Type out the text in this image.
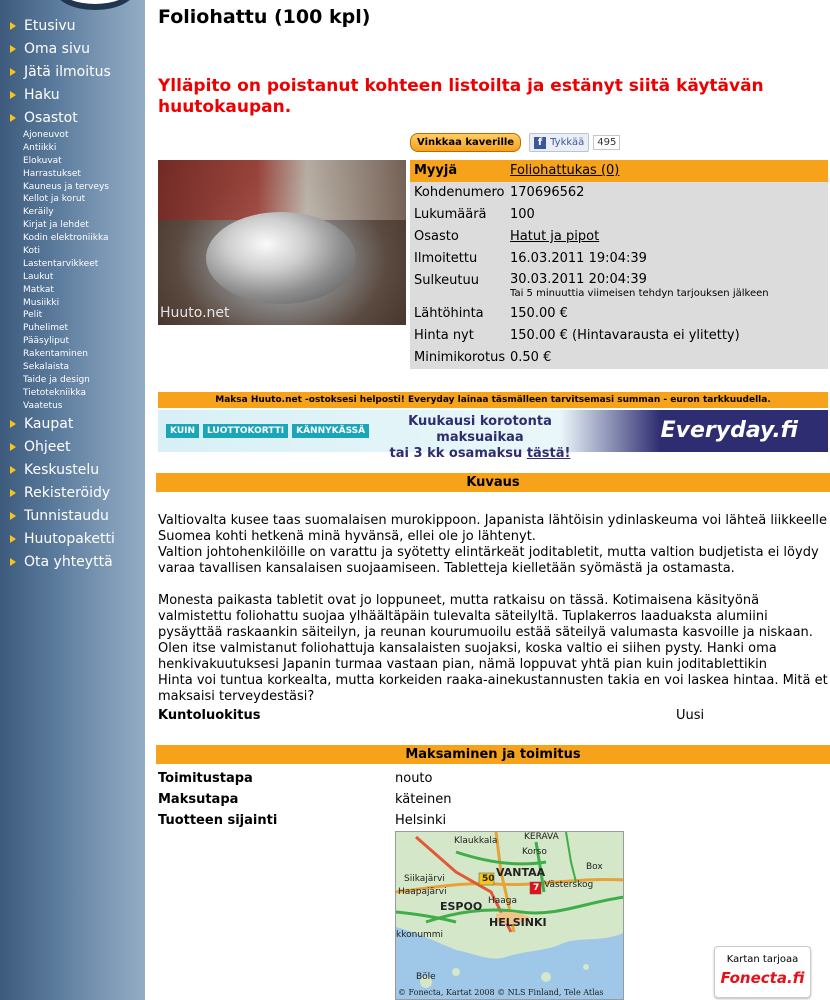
Etusivu
Oma sivu
Jätä ilmoitus
Haku
Osastot
Ajoneuvot
Antiikki
Elokuvat
Harrastukset
Kauneus ja terveys
Kellot ja korut
Keräily
Kirjat ja lehdet
Kodin elektroniikka
Koti
Lastentarvikkeet
Laukut
Matkat
Musiikki
Pelit
Puhelimet
Pääsyliput
Rakentaminen
Sekalaista
Taide ja design
Tietotekniikka
Vaatetus
Kaupat
Ohjeet
Keskustelu
Rekisteröidy
Tunnistaudu
Huutopaketti
Ota yhteyttä
Foliohattu (100 kpl)
Ylläpito on poistanut kohteen listoilta ja estänyt siitä käytävän huutokaupan.
Vinkkaa kaverille	f Tykkää	495
Huuto.net
Myyjä	Foliohattukas (0)
Kohdenumero 170696562
Lukumäärä	100
Osasto	Hatut ja pipot
Ilmoitettu	16.03.2011 19:04:39
Sulkeutuu	30.03.2011 20:04:39
Tai 5 minuuttia viimeisen tehdyn tarjouksen jälkeen
Lähtöhinta	150.00 €
Hinta nyt	150.00 € (Hintavarausta ei ylitetty)
Minimikorotus 0.50 €
Maksa Huuto.net -ostoksesi helposti! Everyday lainaa täsmälleen tarvitsemasi summan - euron tarkkuudella.
KUIN	LUOTTOKORTTI	KÄNNYKÄSSÄ
Kuukausi korotonta maksuaikaa
tai 3 kk osamaksu tästä!
Everyday.fi
Kuvaus

Valtiovalta kusee taas suomalaisen murokippoon. Japanista lähtöisin ydinlaskeuma voi lähteä liikkeelle Suomea kohti hetkenä minä hyvänsä, ellei ole jo lähtenyt.
Valtion johtohenkilöille on varattu ja syötetty elintärkeät joditabletit, mutta valtion budjetista ei löydy varaa tavallisen kansalaisen suojaamiseen. Tabletteja kielletään syömästä ja ostamasta.

Monesta paikasta tabletit ovat jo loppuneet, mutta ratkaisu on tässä. Kotimaisena käsityönä valmistettu foliohattu suojaa ylhäältäpäin tulevalta säteilyltä. Tuplakerros laaduaksta alumiini pysäyttää raskaankin säiteilyn, ja reunan kourumuoilu estää säteilyä valumasta kasvoille ja niskaan.
Olen itse valmistanut foliohattuja kansalaisten suojaksi, koska valtio ei siihen pysty. Hanki oma henkivakuutuksesi Japanin turmaa vastaan pian, nämä loppuvat yhtä pian kuin joditablettikin
Hinta voi tuntua korkealta, mutta korkeiden raaka-ainekustannusten takia en voi laskea hintaa. Mitä et maksaisi terveydestäsi?

Kuntoluokitus	Uusi
Maksaminen ja toimitus
Toimitustapa	nouto
Maksutapa	käteinen
Tuotteen sijainti	Helsinki
Klaukkala	KERAVA
Korso
Siikajärvi	VANTAA	Box
Haapajärvi
Västerskog
ESPOO Haaga
HELSINKI
kkonummi
Böle
50
7
© Fonecta, Kartat 2008 © NLS Finland, Tele Atlas
Kartan tarjoaa
Fonecta.fi
